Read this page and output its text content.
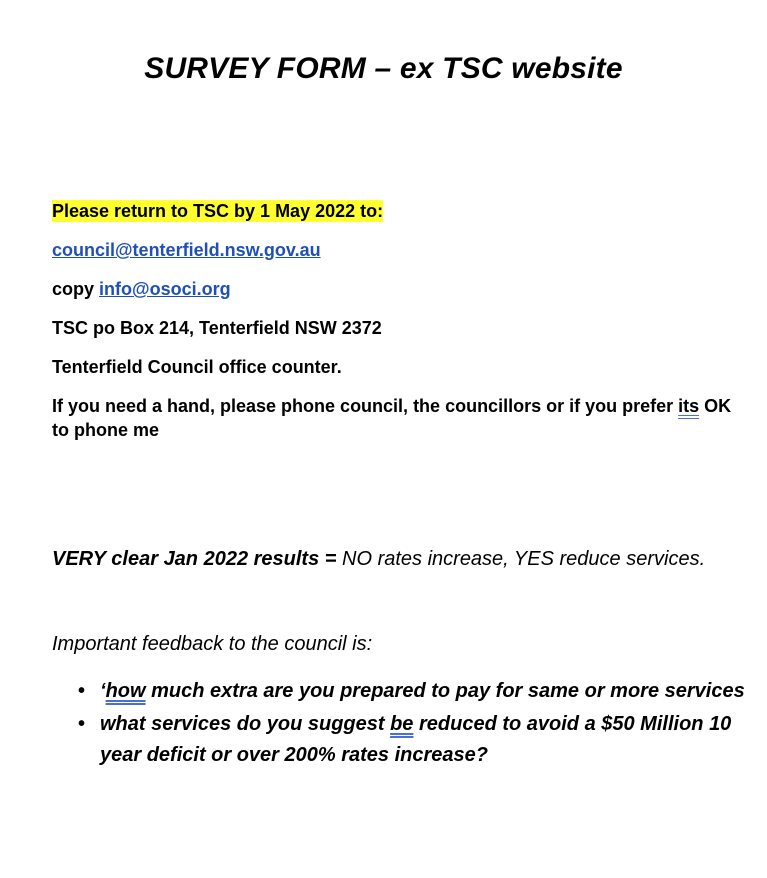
SURVEY FORM – ex TSC website
Please return to TSC by 1 May 2022 to:
council@tenterfield.nsw.gov.au
copy info@osoci.org
TSC po Box 214, Tenterfield NSW 2372
Tenterfield Council office counter.
If you need a hand, please phone council, the councillors or if you prefer its OK to phone me
VERY clear Jan 2022 results = NO rates increase, YES reduce services.
Important feedback to the council is:
• ‘how much extra are you prepared to pay for same or more services
• what services do you suggest be reduced to avoid a $50 Million 10 year deficit or over 200% rates increase?
